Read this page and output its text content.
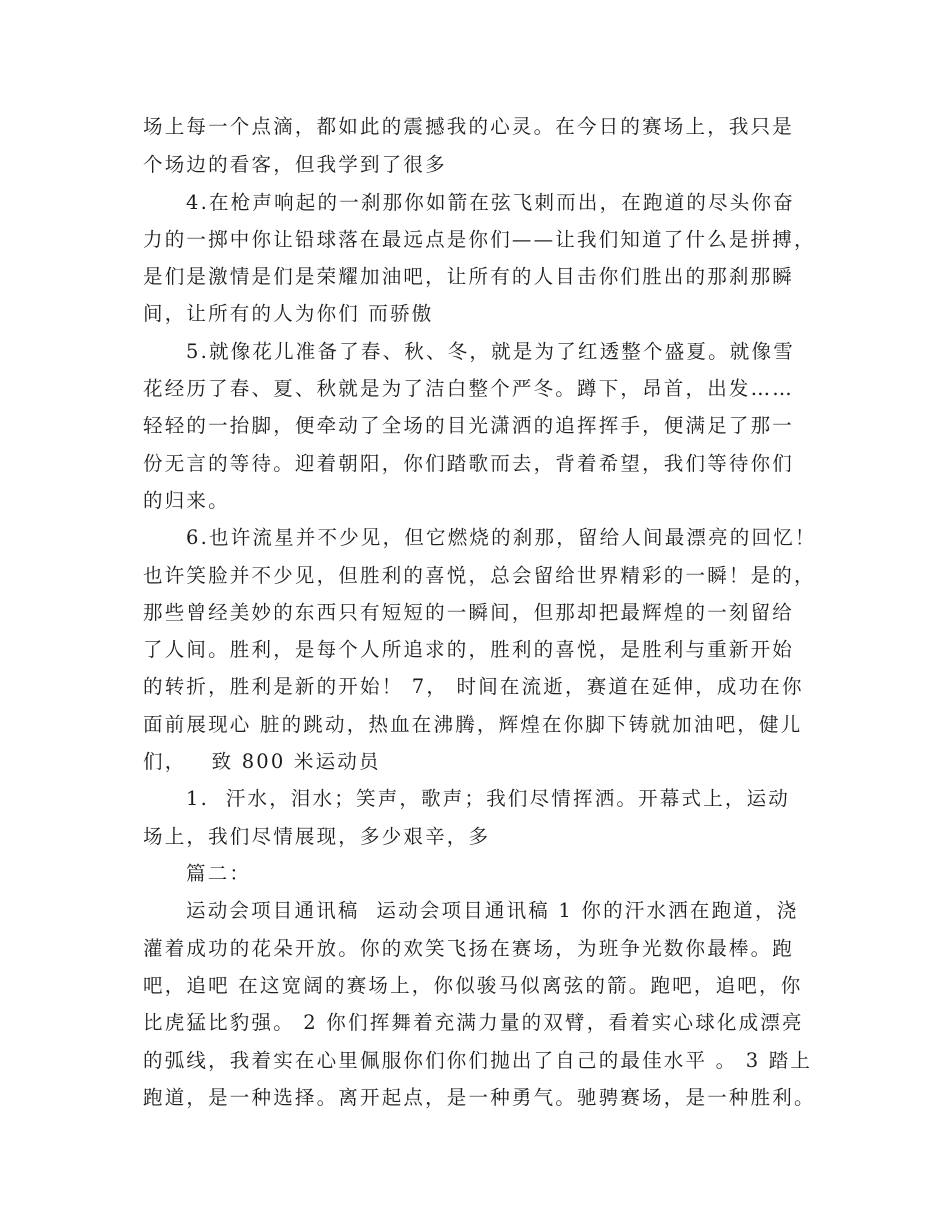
场上每一个点滴，都如此的震撼我的心灵。在今日的赛场上，我只是
个场边的看客，但我学到了很多
4.在枪声响起的一刹那你如箭在弦飞刺而出，在跑道的尽头你奋
力的一掷中你让铅球落在最远点是你们——让我们知道了什么是拼搏，
是们是激情是们是荣耀加油吧，让所有的人目击你们胜出的那刹那瞬
间，让所有的人为你们 而骄傲
5.就像花儿准备了春、秋、冬，就是为了红透整个盛夏。就像雪
花经历了春、夏、秋就是为了洁白整个严冬。蹲下，昂首，出发……
轻轻的一抬脚，便牵动了全场的目光潇洒的追挥挥手，便满足了那一
份无言的等待。迎着朝阳，你们踏歌而去，背着希望，我们等待你们
的归来。
6.也许流星并不少见，但它燃烧的刹那，留给人间最漂亮的回忆！
也许笑脸并不少见，但胜利的喜悦，总会留给世界精彩的一瞬！是的，
那些曾经美妙的东西只有短短的一瞬间，但那却把最辉煌的一刻留给
了人间。胜利，是每个人所追求的，胜利的喜悦，是胜利与重新开始
的转折，胜利是新的开始！ 7， 时间在流逝，赛道在延伸，成功在你
面前展现心 脏的跳动，热血在沸腾，辉煌在你脚下铸就加油吧，健儿
们，   致 800 米运动员
1.  汗水，泪水；笑声，歌声；我们尽情挥洒。开幕式上，运动
场上，我们尽情展现，多少艰辛，多
篇二：
运动会项目通讯稿  运动会项目通讯稿 1 你的汗水洒在跑道，浇
灌着成功的花朵开放。你的欢笑飞扬在赛场，为班争光数你最棒。跑
吧，追吧 在这宽阔的赛场上，你似骏马似离弦的箭。跑吧，追吧，你
比虎猛比豹强。 2 你们挥舞着充满力量的双臂，看着实心球化成漂亮
的弧线，我着实在心里佩服你们你们抛出了自己的最佳水平 。 3 踏上
跑道，是一种选择。离开起点，是一种勇气。驰骋赛场，是一种胜利。
